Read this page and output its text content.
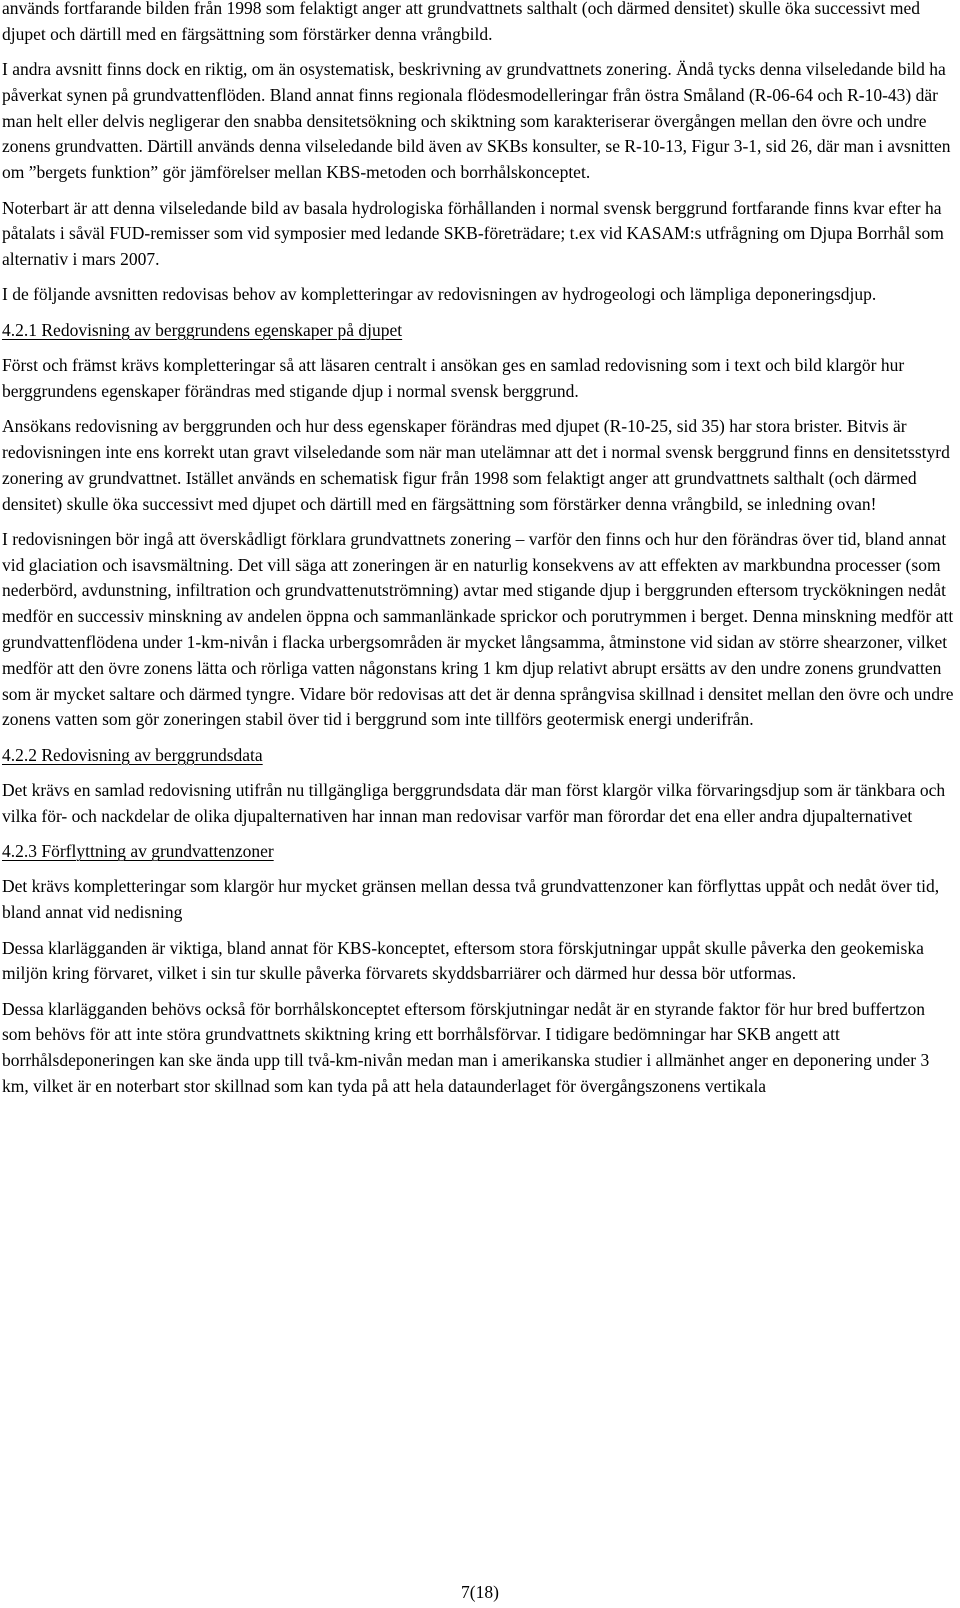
används fortfarande bilden från 1998 som felaktigt anger att grundvattnets salthalt (och därmed densitet) skulle öka successivt med djupet och därtill med en färgsättning som förstärker denna vrångbild.

I andra avsnitt finns dock en riktig, om än osystematisk, beskrivning av grundvattnets zonering. Ändå tycks denna vilseledande bild ha påverkat synen på grundvattenflöden. Bland annat finns regionala flödesmodelleringar från östra Småland (R-06-64 och R-10-43) där man helt eller delvis negligerar den snabba densitetsökning och skiktning som karakteriserar övergången mellan den övre och undre zonens grundvatten. Därtill används denna vilseledande bild även av SKBs konsulter, se R-10-13, Figur 3-1, sid 26, där man i avsnitten om ”bergets funktion” gör jämförelser mellan KBS-metoden och borrhålskonceptet.

Noterbart är att denna vilseledande bild av basala hydrologiska förhållanden i normal svensk berggrund fortfarande finns kvar efter ha påtalats i såväl FUD-remisser som vid symposier med ledande SKB-företrädare; t.ex vid KASAM:s utfrågning om Djupa Borrhål som alternativ i mars 2007.

I de följande avsnitten redovisas behov av kompletteringar av redovisningen av hydrogeologi och lämpliga deponeringsdjup.

4.2.1 Redovisning av berggrundens egenskaper på djupet

Först och främst krävs kompletteringar så att läsaren centralt i ansökan ges en samlad redovisning som i text och bild klargör hur berggrundens egenskaper förändras med stigande djup i normal svensk berggrund.

Ansökans redovisning av berggrunden och hur dess egenskaper förändras med djupet (R-10-25, sid 35) har stora brister. Bitvis är redovisningen inte ens korrekt utan gravt vilseledande som när man utelämnar att det i normal svensk berggrund finns en densitetsstyrd zonering av grundvattnet. Istället används en schematisk figur från 1998 som felaktigt anger att grundvattnets salthalt (och därmed densitet) skulle öka successivt med djupet och därtill med en färgsättning som förstärker denna vrångbild, se inledning ovan!

I redovisningen bör ingå att överskådligt förklara grundvattnets zonering – varför den finns och hur den förändras över tid, bland annat vid glaciation och isavsmältning. Det vill säga att zoneringen är en naturlig konsekvens av att effekten av markbundna processer (som nederbörd, avdunstning, infiltration och grundvattenutströmning) avtar med stigande djup i berggrunden eftersom tryckökningen nedåt medför en successiv minskning av andelen öppna och sammanlänkade sprickor och porutrymmen i berget. Denna minskning medför att grundvattenflödena under 1-km-nivån i flacka urbergsområden är mycket långsamma, åtminstone vid sidan av större shearzoner, vilket medför att den övre zonens lätta och rörliga vatten någonstans kring 1 km djup relativt abrupt ersätts av den undre zonens grundvatten som är mycket saltare och därmed tyngre. Vidare bör redovisas att det är denna språngvisa skillnad i densitet mellan den övre och undre zonens vatten som gör zoneringen stabil över tid i berggrund som inte tillförs geotermisk energi underifrån.

4.2.2 Redovisning av berggrundsdata

Det krävs en samlad redovisning utifrån nu tillgängliga berggrundsdata där man först klargör vilka förvaringsdjup som är tänkbara och vilka för- och nackdelar de olika djupalternativen har innan man redovisar varför man förordar det ena eller andra djupalternativet

4.2.3 Förflyttning av grundvattenzoner

Det krävs kompletteringar som klargör hur mycket gränsen mellan dessa två grundvattenzoner kan förflyttas uppåt och nedåt över tid, bland annat vid nedisning

Dessa klarlägganden är viktiga, bland annat för KBS-konceptet, eftersom stora förskjutningar uppåt skulle påverka den geokemiska miljön kring förvaret, vilket i sin tur skulle påverka förvarets skyddsbarriärer och därmed hur dessa bör utformas.

Dessa klarlägganden behövs också för borrhålskonceptet eftersom förskjutningar nedåt är en styrande faktor för hur bred buffertzon som behövs för att inte störa grundvattnets skiktning kring ett borrhålsförvar. I tidigare bedömningar har SKB angett att borrhålsdeponeringen kan ske ända upp till två-km-nivån medan man i amerikanska studier i allmänhet anger en deponering under 3 km, vilket är en noterbart stor skillnad som kan tyda på att hela dataunderlaget för övergångszonens vertikala

7(18)
